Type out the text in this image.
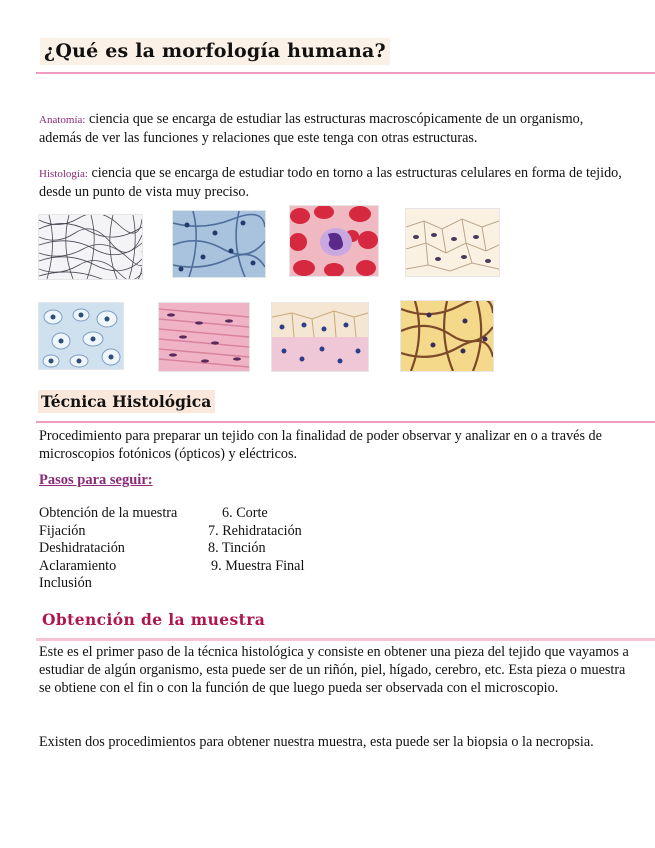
¿Qué es la morfología humana?
Anatomía: ciencia que se encarga de estudiar las estructuras macroscópicamente de un organismo, además de ver las funciones y relaciones que este tenga con otras estructuras.
Histología: ciencia que se encarga de estudiar todo en torno a las estructuras celulares en forma de tejido, desde un punto de vista muy preciso.
Técnica Histológica
Procedimiento para preparar un tejido con la finalidad de poder observar y analizar en o a través de microscopios fotónicos (ópticos) y eléctricos.
Pasos para seguir:
Obtención de la muestra
Fijación
Deshidratación
Aclaramiento
Inclusión
6. Corte
7. Rehidratación
8. Tinción
9. Muestra Final
Obtención de la muestra
Este es el primer paso de la técnica histológica y consiste en obtener una pieza del tejido que vayamos a estudiar de algún organismo, esta puede ser de un riñón, piel, hígado, cerebro, etc. Esta pieza o muestra se obtiene con el fin o con la función de que luego pueda ser observada con el microscopio.
Existen dos procedimientos para obtener nuestra muestra, esta puede ser la biopsia o la necropsia.
